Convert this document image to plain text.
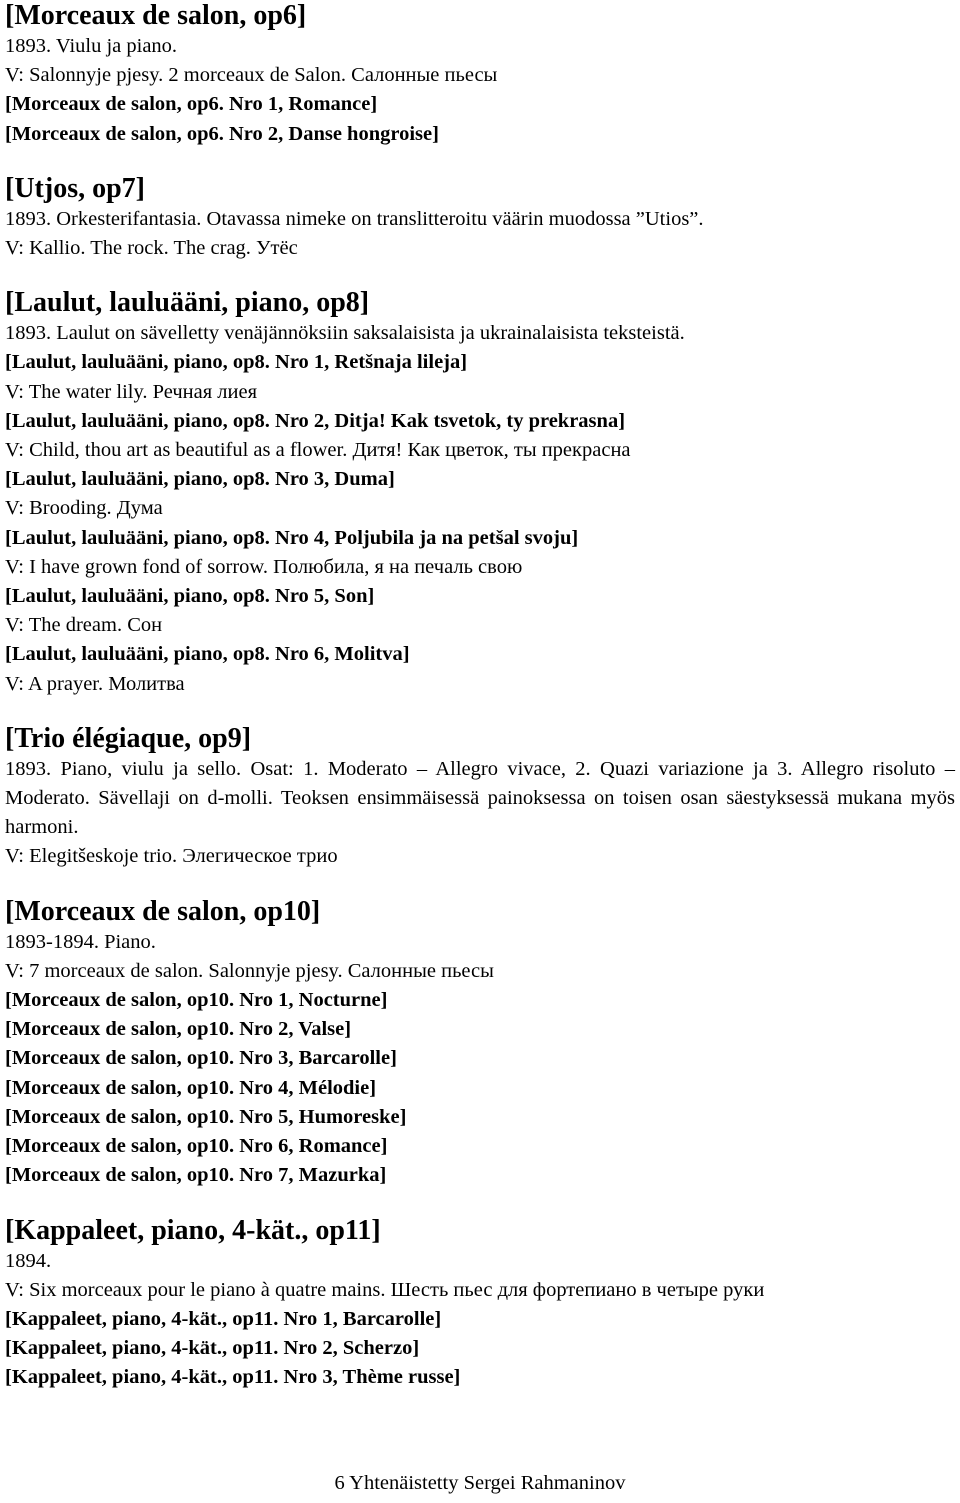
[Morceaux de salon, op6]
1893. Viulu ja piano.
V: Salonnyje pjesy. 2 morceaux de Salon. Салонные пьесы
[Morceaux de salon, op6. Nro 1, Romance]
[Morceaux de salon, op6. Nro 2, Danse hongroise]
[Utjos, op7]
1893. Orkesterifantasia. Otavassa nimeke on translitteroitu väärin muodossa ”Utios”.
V: Kallio. The rock. The crag. Утёс
[Laulut, lauluääni, piano, op8]
1893. Laulut on sävelletty venäjännöksiin saksalaisista ja ukrainalaisista teksteistä.
[Laulut, lauluääni, piano, op8. Nro 1, Retšnaja lileja]
V: The water lily. Речная лиея
[Laulut, lauluääni, piano, op8. Nro 2, Ditja! Kak tsvetok, ty prekrasna]
V: Child, thou art as beautiful as a flower. Дитя! Как цветок, ты прекрасна
[Laulut, lauluääni, piano, op8. Nro 3, Duma]
V: Brooding. Дума
[Laulut, lauluääni, piano, op8. Nro 4, Poljubila ja na petšal svoju]
V: I have grown fond of sorrow. Полюбила, я на печаль свою
[Laulut, lauluääni, piano, op8. Nro 5, Son]
V: The dream. Сон
[Laulut, lauluääni, piano, op8. Nro 6, Molitva]
V: A prayer. Молитва
[Trio élégiaque, op9]
1893. Piano, viulu ja sello. Osat: 1. Moderato – Allegro vivace, 2. Quazi variazione ja 3. Allegro risoluto – Moderato. Sävellaji on d-molli. Teoksen ensimmäisessä painoksessa on toisen osan säestyksessä mukana myös harmoni.
V: Elegitšeskoje trio. Элегическое трио
[Morceaux de salon, op10]
1893-1894. Piano.
V: 7 morceaux de salon. Salonnyje pjesy. Салонные пьесы
[Morceaux de salon, op10. Nro 1, Nocturne]
[Morceaux de salon, op10. Nro 2, Valse]
[Morceaux de salon, op10. Nro 3, Barcarolle]
[Morceaux de salon, op10. Nro 4, Mélodie]
[Morceaux de salon, op10. Nro 5, Humoreske]
[Morceaux de salon, op10. Nro 6, Romance]
[Morceaux de salon, op10. Nro 7, Mazurka]
[Kappaleet, piano, 4-kät., op11]
1894.
V: Six morceaux pour le piano à quatre mains. Шесть пьес для фортепиано в четыре руки
[Kappaleet, piano, 4-kät., op11. Nro 1, Barcarolle]
[Kappaleet, piano, 4-kät., op11. Nro 2, Scherzo]
[Kappaleet, piano, 4-kät., op11. Nro 3, Thème russe]
6 Yhtenäistetty Sergei Rahmaninov
